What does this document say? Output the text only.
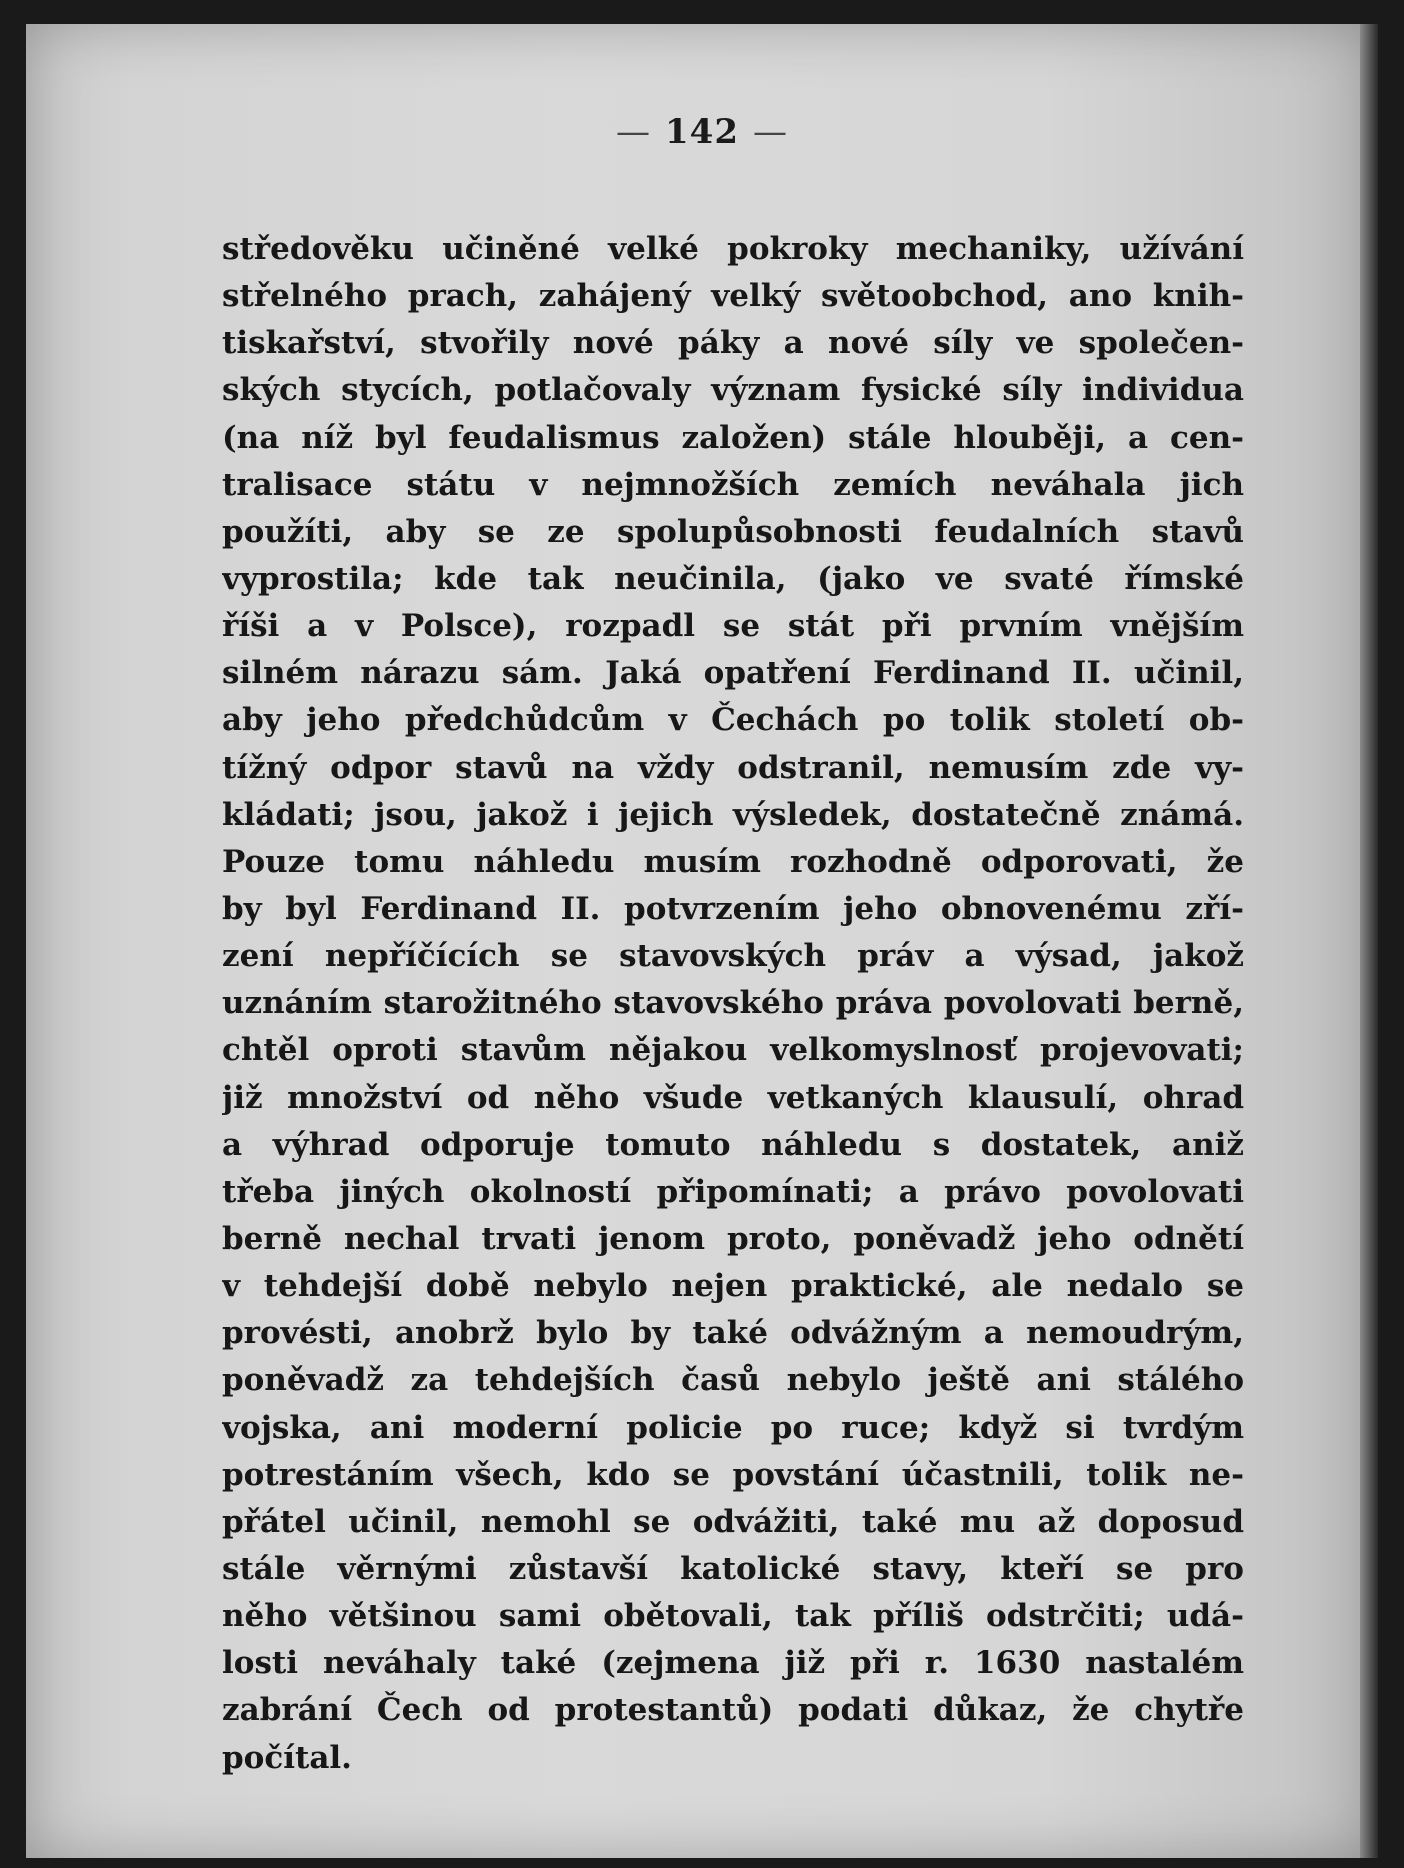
— 142 —
středověku učiněné velké pokroky mechaniky, užívání
střelného prach, zahájený velký světoobchod, ano knih-
tiskařství, stvořily nové páky a nové síly ve společen-
ských stycích, potlačovaly význam fysické síly individua
(na níž byl feudalismus založen) stále hlouběji, a cen-
tralisace státu v nejmnožších zemích neváhala jich
použíti, aby se ze spolupůsobnosti feudalních stavů
vyprostila; kde tak neučinila, (jako ve svaté římské
říši a v Polsce), rozpadl se stát při prvním vnějším
silném nárazu sám. Jaká opatření Ferdinand II. učinil,
aby jeho předchůdcům v Čechách po tolik století ob-
tížný odpor stavů na vždy odstranil, nemusím zde vy-
kládati; jsou, jakož i jejich výsledek, dostatečně známá.
Pouze tomu náhledu musím rozhodně odporovati, že
by byl Ferdinand II. potvrzením jeho obnovenému zří-
zení nepříčících se stavovských práv a výsad, jakož
uznáním starožitného stavovského práva povolovati berně,
chtěl oproti stavům nějakou velkomyslnosť projevovati;
již množství od něho všude vetkaných klausulí, ohrad
a výhrad odporuje tomuto náhledu s dostatek, aniž
třeba jiných okolností připomínati; a právo povolovati
berně nechal trvati jenom proto, poněvadž jeho odnětí
v tehdejší době nebylo nejen praktické, ale nedalo se
provésti, anobrž bylo by také odvážným a nemoudrým,
poněvadž za tehdejších časů nebylo ještě ani stálého
vojska, ani moderní policie po ruce; když si tvrdým
potrestáním všech, kdo se povstání účastnili, tolik ne-
přátel učinil, nemohl se odvážiti, také mu až doposud
stále věrnými zůstavší katolické stavy, kteří se pro
něho většinou sami obětovali, tak příliš odstrčiti; udá-
losti neváhaly také (zejmena již při r. 1630 nastalém
zabrání Čech od protestantů) podati důkaz, že chytře
počítal.
